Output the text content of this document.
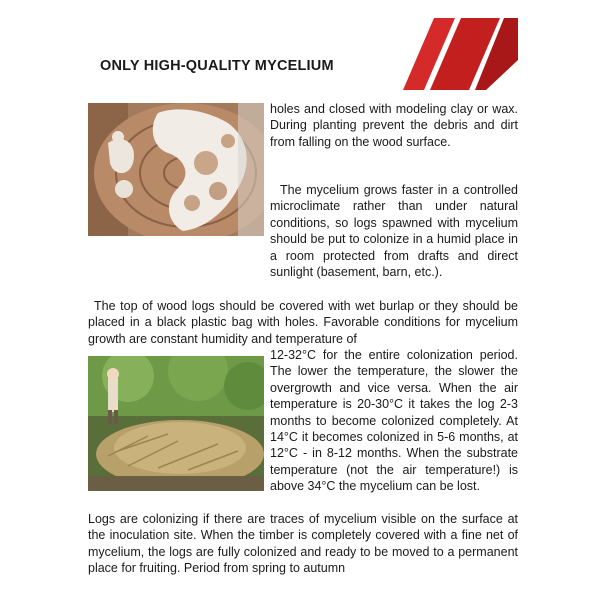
ONLY HIGH-QUALITY MYCELIUM

holes and closed with modeling clay or wax. During planting prevent the debris and dirt from falling on the wood surface.

The mycelium grows faster in a controlled microclimate rather than under natural conditions, so logs spawned with mycelium should be put to colonize in a humid place in a room protected from drafts and direct sunlight (basement, barn, etc.).

The top of wood logs should be covered with wet burlap or they should be placed in a black plastic bag with holes. Favorable conditions for mycelium growth are constant humidity and temperature of

12-32°C for the entire colonization period. The lower the temperature, the slower the overgrowth and vice versa. When the air temperature is 20-30°C it takes the log 2-3 months to become colonized completely. At 14°C it becomes colonized in 5-6 months, at 12°C - in 8-12 months. When the substrate temperature (not the air temperature!) is above 34°C the mycelium can be lost.

Logs are colonizing if there are traces of mycelium visible on the surface at the inoculation site. When the timber is completely covered with a fine net of mycelium, the logs are fully colonized and ready to be moved to a permanent place for fruiting. Period from spring to autumn
